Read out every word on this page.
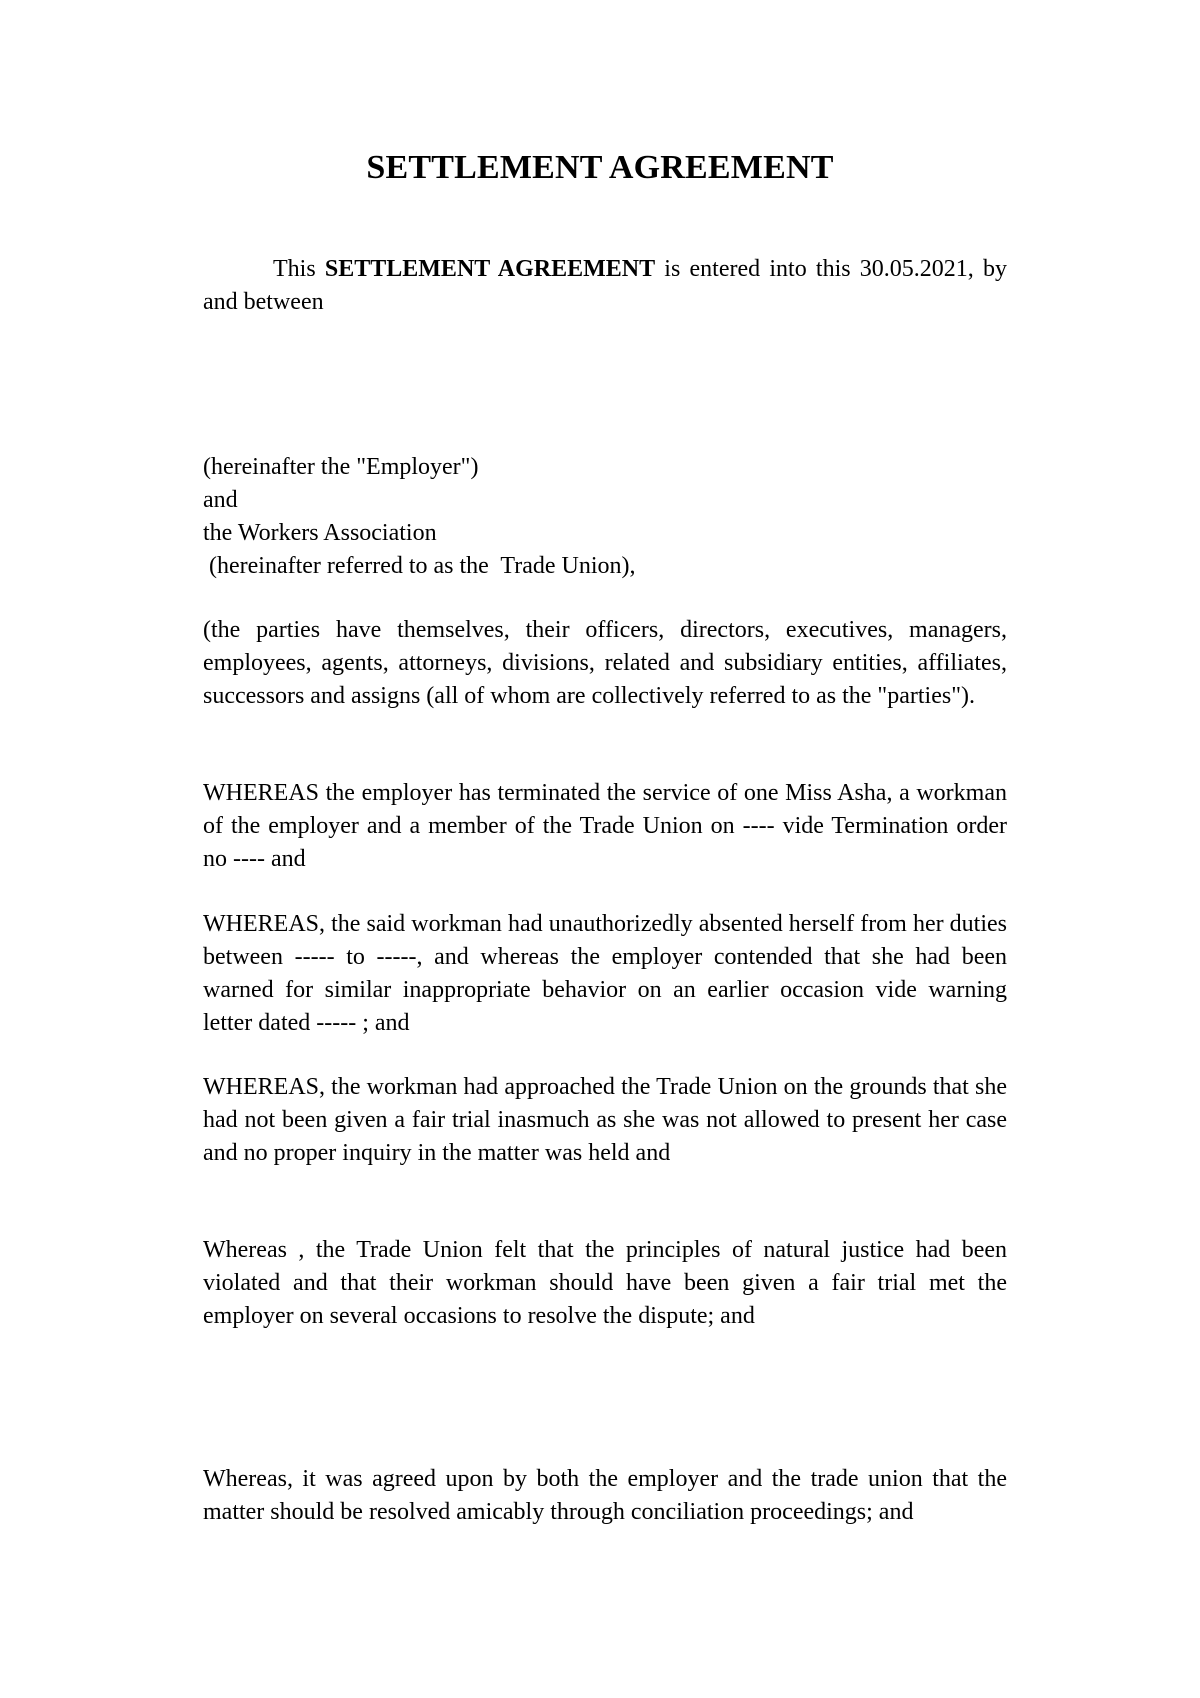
SETTLEMENT AGREEMENT
This SETTLEMENT AGREEMENT is entered into this 30.05.2021, by and between
(hereinafter the "Employer")
and
the Workers Association
(hereinafter referred to as the  Trade Union),
(the parties have themselves, their officers, directors, executives, managers, employees, agents, attorneys, divisions, related and subsidiary entities, affiliates, successors and assigns (all of whom are collectively referred to as the "parties").
WHEREAS the employer has terminated the service of one Miss Asha, a workman of the employer and a member of the Trade Union on ---- vide Termination order no ---- and
WHEREAS, the said workman had unauthorizedly absented herself from her duties between ----- to -----, and whereas the employer contended that she had been warned for similar inappropriate behavior on an earlier occasion vide warning letter dated ----- ; and
WHEREAS, the workman had approached the Trade Union on the grounds that she had not been given a fair trial inasmuch as she was not allowed to present her case and no proper inquiry in the matter was held and
Whereas , the Trade Union felt that the principles of natural justice had been violated and that their workman should have been given a fair trial met the employer on several occasions to resolve the dispute; and
Whereas, it was agreed upon by both the employer and the trade union that the matter should be resolved amicably through conciliation proceedings; and
